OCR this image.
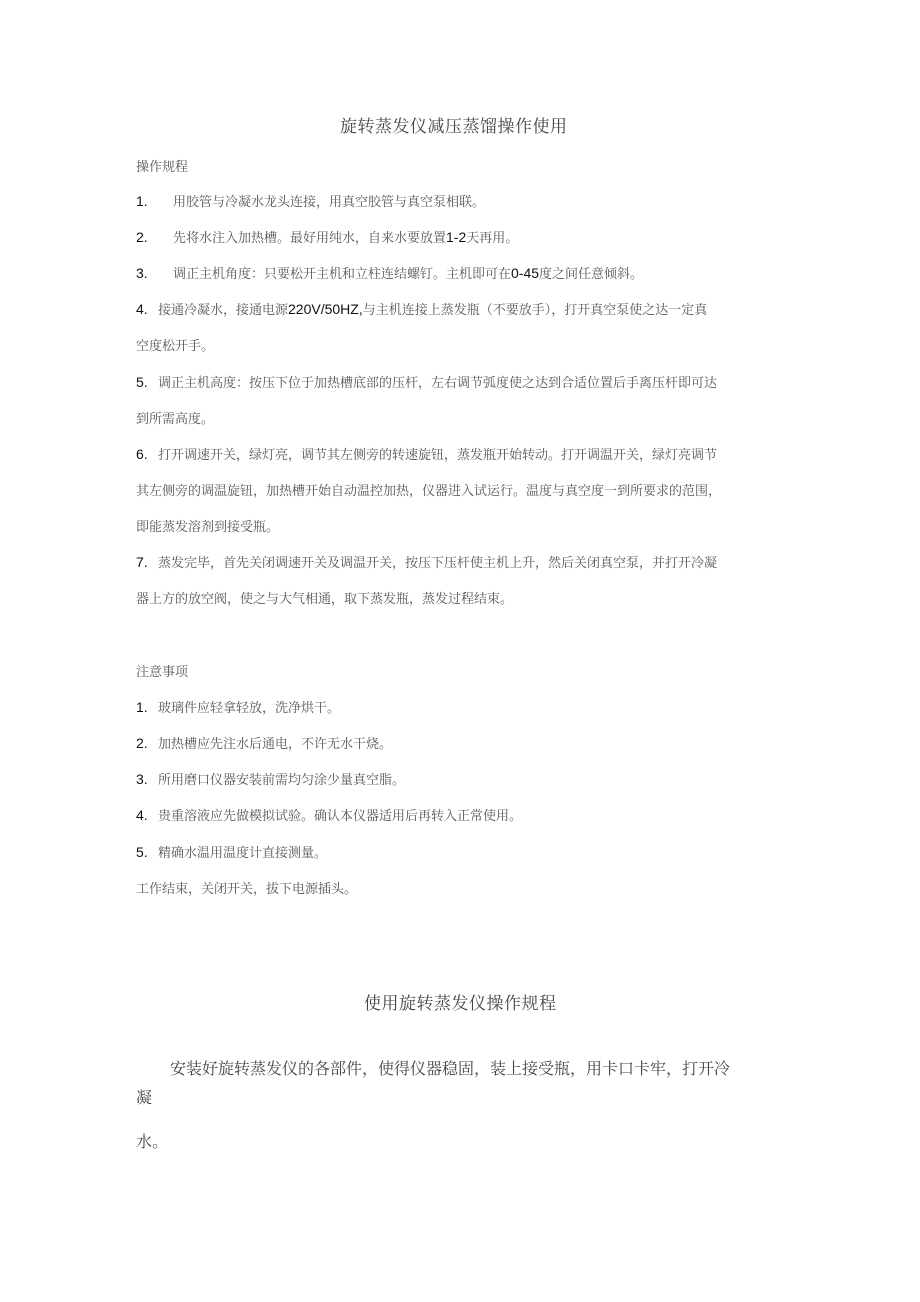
旋转蒸发仪减压蒸馏操作使用
操作规程
1. 用胶管与冷凝水龙头连接，用真空胶管与真空泵相联。
2. 先将水注入加热槽。最好用纯水，自来水要放置1-2天再用。
3. 调正主机角度：只要松开主机和立柱连结螺钉。主机即可在0-45度之间任意倾斜。
4. 接通冷凝水，接通电源220V/50HZ,与主机连接上蒸发瓶（不要放手），打开真空泵使之达一定真
空度松开手。
5. 调正主机高度：按压下位于加热槽底部的压杆，左右调节弧度使之达到合适位置后手离压杆即可达
到所需高度。
6. 打开调速开关，绿灯亮，调节其左侧旁的转速旋钮，蒸发瓶开始转动。打开调温开关，绿灯亮调节
其左侧旁的调温旋钮，加热槽开始自动温控加热，仪器进入试运行。温度与真空度一到所要求的范围，
即能蒸发溶剂到接受瓶。
7. 蒸发完毕，首先关闭调速开关及调温开关，按压下压杆使主机上升，然后关闭真空泵，并打开冷凝
器上方的放空阀，使之与大气相通，取下蒸发瓶，蒸发过程结束。
注意事项
1. 玻璃件应轻拿轻放，洗净烘干。
2. 加热槽应先注水后通电，不许无水干烧。
3. 所用磨口仪器安装前需均匀涂少量真空脂。
4. 贵重溶液应先做模拟试验。确认本仪器适用后再转入正常使用。
5. 精确水温用温度计直接测量。
工作结束，关闭开关，拔下电源插头。
使用旋转蒸发仪操作规程
安装好旋转蒸发仪的各部件，使得仪器稳固，装上接受瓶，用卡口卡牢，打开冷
凝
水。
